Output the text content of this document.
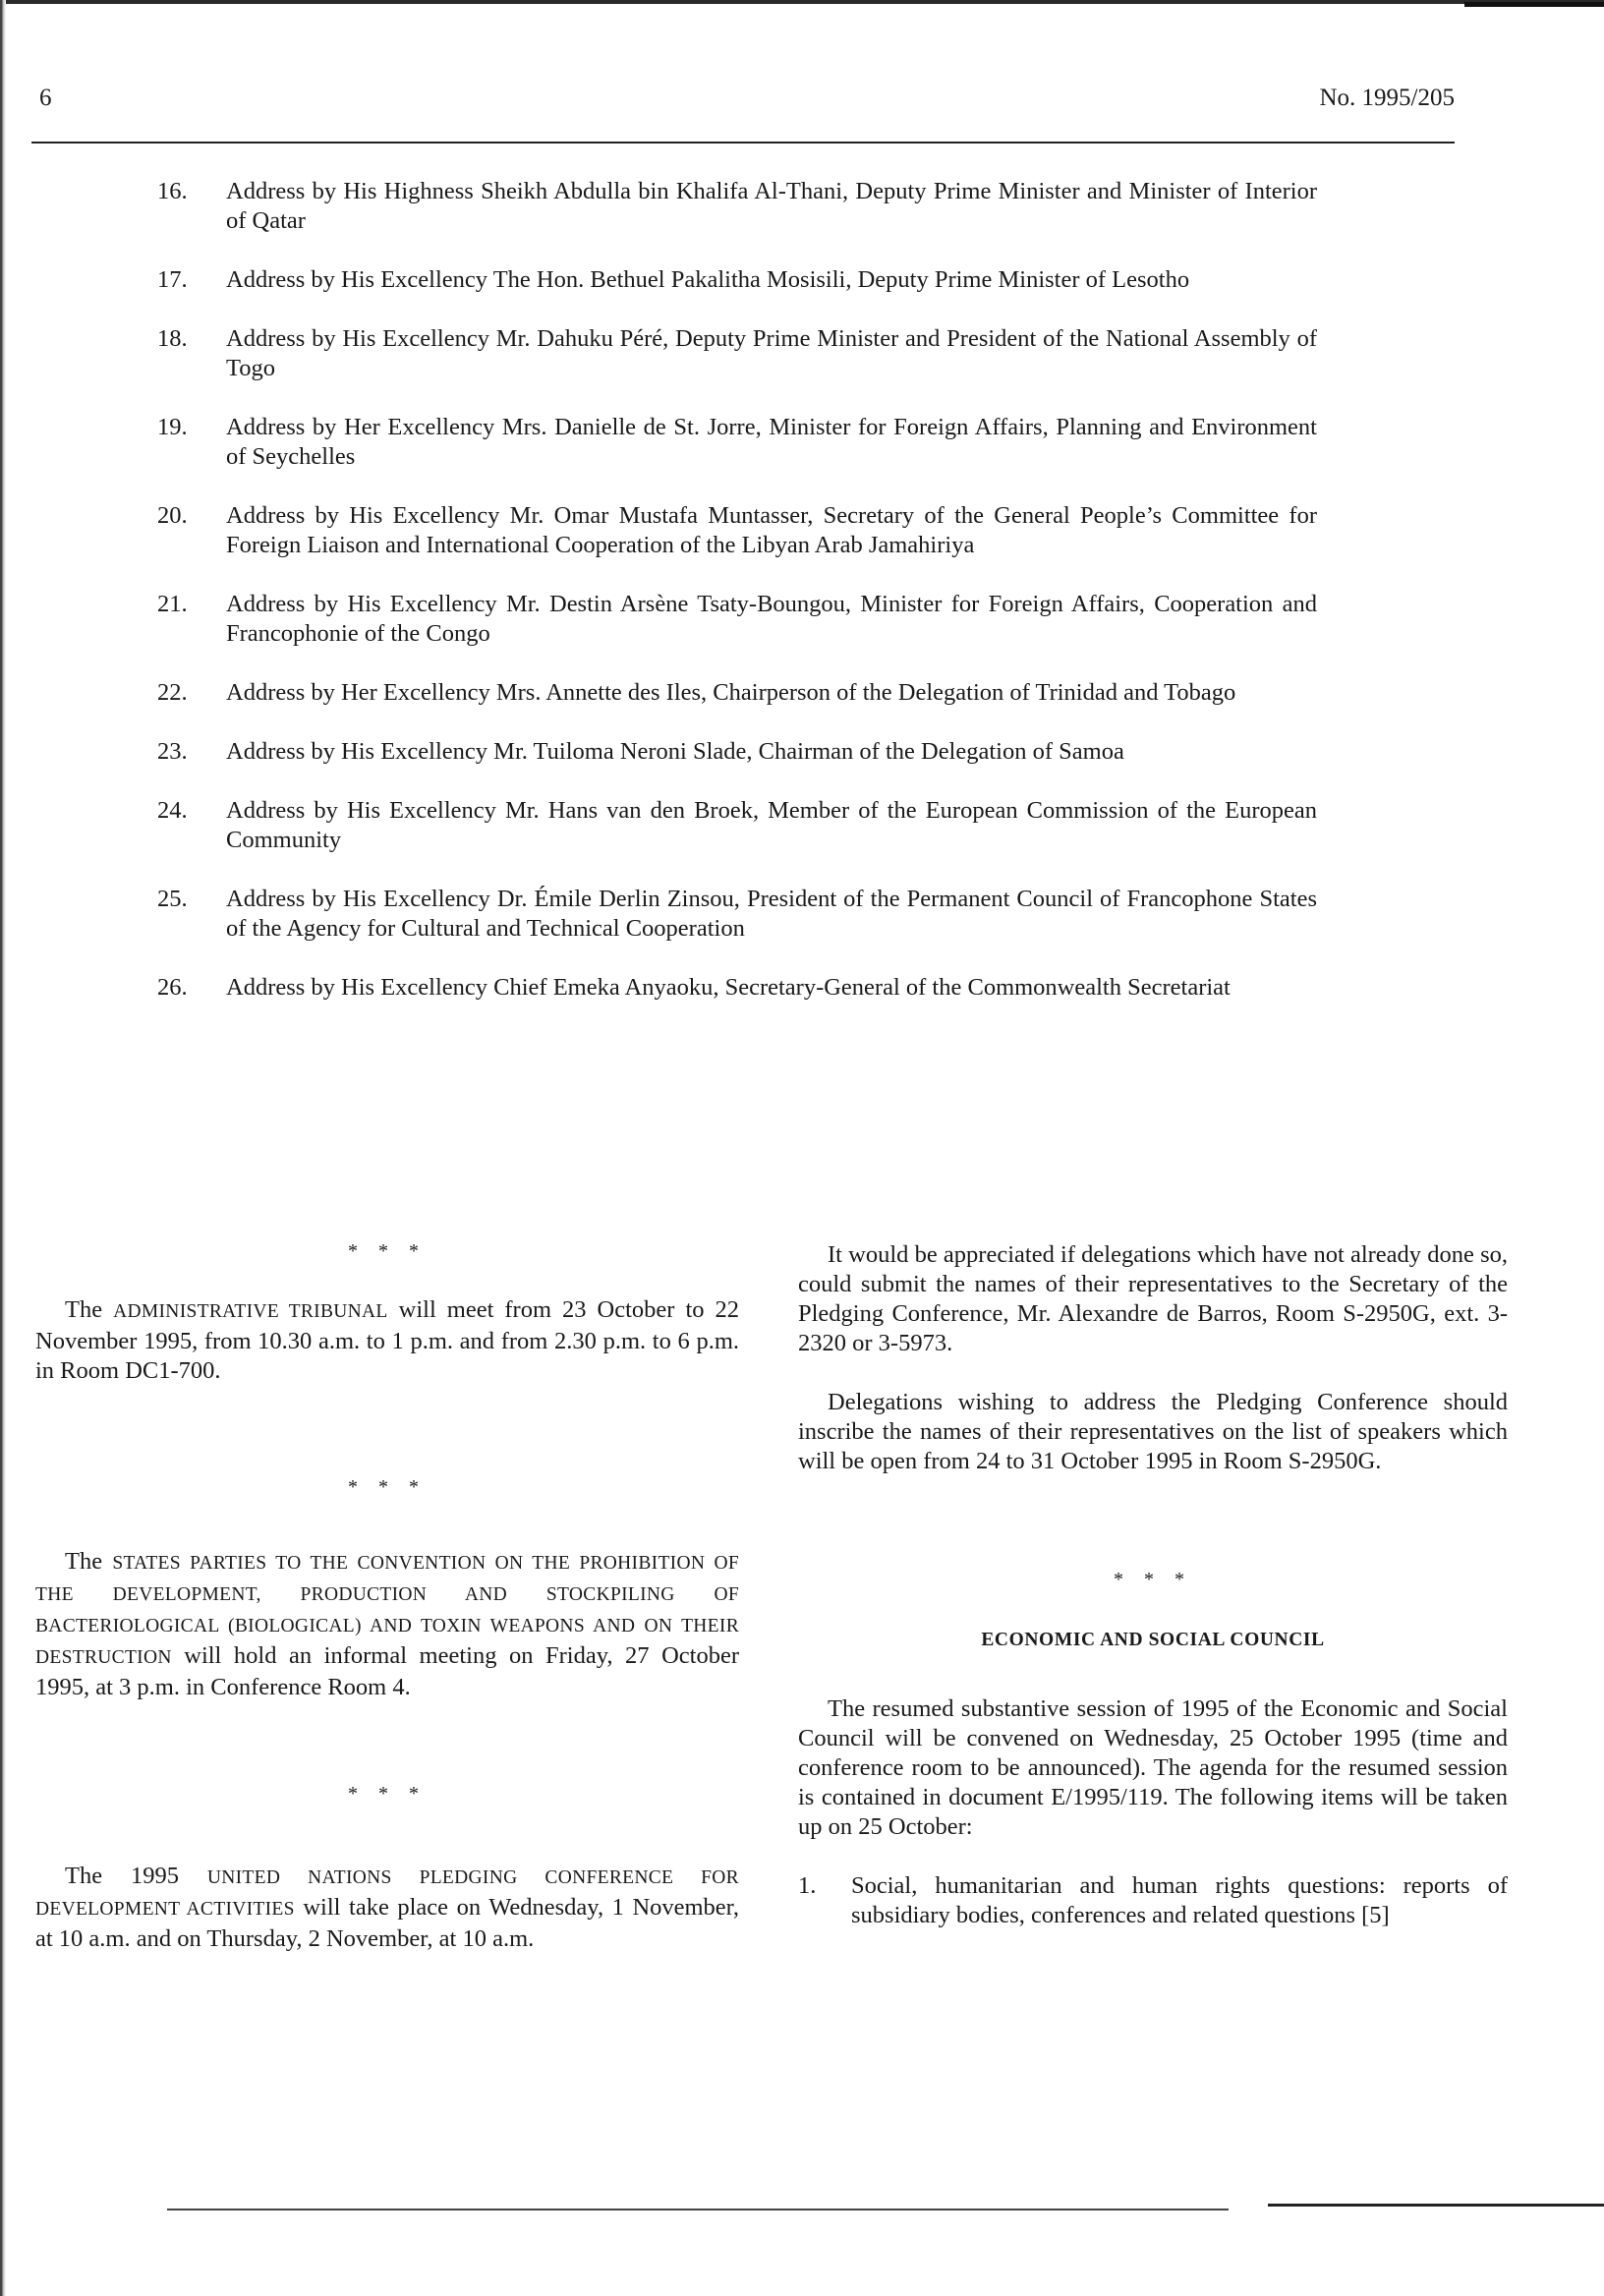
6	No. 1995/205
16.	Address by His Highness Sheikh Abdulla bin Khalifa Al-Thani, Deputy Prime Minister and Minister of Interior of Qatar
17.	Address by His Excellency The Hon. Bethuel Pakalitha Mosisili, Deputy Prime Minister of Lesotho
18.	Address by His Excellency Mr. Dahuku Péré, Deputy Prime Minister and President of the National Assembly of Togo
19.	Address by Her Excellency Mrs. Danielle de St. Jorre, Minister for Foreign Affairs, Planning and Environment of Seychelles
20.	Address by His Excellency Mr. Omar Mustafa Muntasser, Secretary of the General People’s Committee for Foreign Liaison and International Cooperation of the Libyan Arab Jamahiriya
21.	Address by His Excellency Mr. Destin Arsène Tsaty-Boungou, Minister for Foreign Affairs, Cooperation and Francophonie of the Congo
22.	Address by Her Excellency Mrs. Annette des Iles, Chairperson of the Delegation of Trinidad and Tobago
23.	Address by His Excellency Mr. Tuiloma Neroni Slade, Chairman of the Delegation of Samoa
24.	Address by His Excellency Mr. Hans van den Broek, Member of the European Commission of the European Community
25.	Address by His Excellency Dr. Émile Derlin Zinsou, President of the Permanent Council of Francophone States of the Agency for Cultural and Technical Cooperation
26.	Address by His Excellency Chief Emeka Anyaoku, Secretary-General of the Commonwealth Secretariat

* * *

The ADMINISTRATIVE TRIBUNAL will meet from 23 October to 22 November 1995, from 10.30 a.m. to 1 p.m. and from 2.30 p.m. to 6 p.m. in Room DC1-700.

* * *

The STATES PARTIES TO THE CONVENTION ON THE PROHIBITION OF THE DEVELOPMENT, PRODUCTION AND STOCKPILING OF BACTERIOLOGICAL (BIOLOGICAL) AND TOXIN WEAPONS AND ON THEIR DESTRUCTION will hold an informal meeting on Friday, 27 October 1995, at 3 p.m. in Conference Room 4.

* * *

The 1995 UNITED NATIONS PLEDGING CONFERENCE FOR DEVELOPMENT ACTIVITIES will take place on Wednesday, 1 November, at 10 a.m. and on Thursday, 2 November, at 10 a.m.

It would be appreciated if delegations which have not already done so, could submit the names of their representatives to the Secretary of the Pledging Conference, Mr. Alexandre de Barros, Room S-2950G, ext. 3-2320 or 3-5973.

Delegations wishing to address the Pledging Conference should inscribe the names of their representatives on the list of speakers which will be open from 24 to 31 October 1995 in Room S-2950G.

* * *

ECONOMIC AND SOCIAL COUNCIL

The resumed substantive session of 1995 of the Economic and Social Council will be convened on Wednesday, 25 October 1995 (time and conference room to be announced). The agenda for the resumed session is contained in document E/1995/119. The following items will be taken up on 25 October:

1.	Social, humanitarian and human rights questions: reports of subsidiary bodies, conferences and related questions [5]
